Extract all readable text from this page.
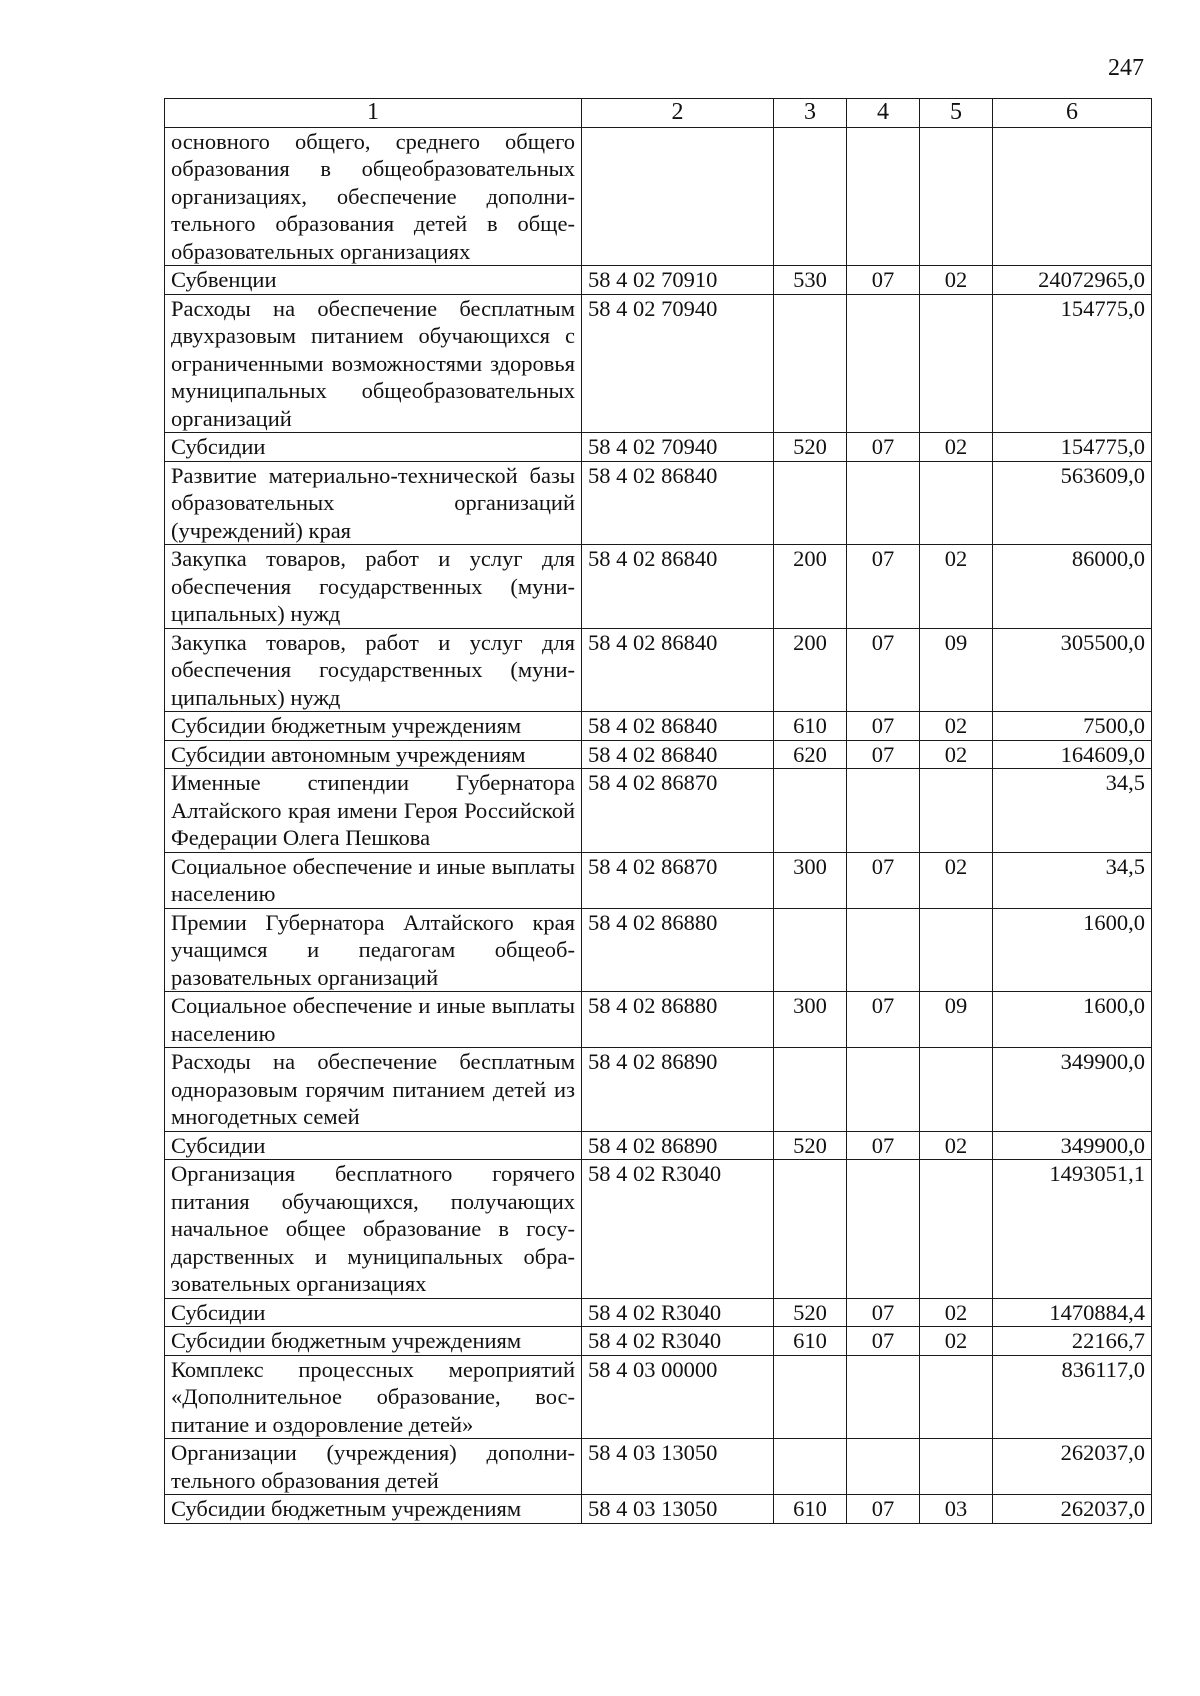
247
1	2	3	4	5	6
основного общего, среднего общего образования в общеобразовательных организациях, обеспечение дополнительного образования детей в общеобразовательных организациях					
Субвенции	58 4 02 70910	530	07	02	24072965,0
Расходы на обеспечение бесплатным двухразовым питанием обучающихся с ограниченными возможностями здоровья муниципальных общеобразовательных организаций	58 4 02 70940				154775,0
Субсидии	58 4 02 70940	520	07	02	154775,0
Развитие материально-технической базы образовательных организаций (учреждений) края	58 4 02 86840				563609,0
Закупка товаров, работ и услуг для обеспечения государственных (муниципальных) нужд	58 4 02 86840	200	07	02	86000,0
Закупка товаров, работ и услуг для обеспечения государственных (муниципальных) нужд	58 4 02 86840	200	07	09	305500,0
Субсидии бюджетным учреждениям	58 4 02 86840	610	07	02	7500,0
Субсидии автономным учреждениям	58 4 02 86840	620	07	02	164609,0
Именные стипендии Губернатора Алтайского края имени Героя Российской Федерации Олега Пешкова	58 4 02 86870				34,5
Социальное обеспечение и иные выплаты населению	58 4 02 86870	300	07	02	34,5
Премии Губернатора Алтайского края учащимся и педагогам общеобразовательных организаций	58 4 02 86880				1600,0
Социальное обеспечение и иные выплаты населению	58 4 02 86880	300	07	09	1600,0
Расходы на обеспечение бесплатным одноразовым горячим питанием детей из многодетных семей	58 4 02 86890				349900,0
Субсидии	58 4 02 86890	520	07	02	349900,0
Организация бесплатного горячего питания обучающихся, получающих начальное общее образование в государственных и муниципальных образовательных организациях	58 4 02 R3040				1493051,1
Субсидии	58 4 02 R3040	520	07	02	1470884,4
Субсидии бюджетным учреждениям	58 4 02 R3040	610	07	02	22166,7
Комплекс процессных мероприятий «Дополнительное образование, воспитание и оздоровление детей»	58 4 03 00000				836117,0
Организации (учреждения) дополнительного образования детей	58 4 03 13050				262037,0
Субсидии бюджетным учреждениям	58 4 03 13050	610	07	03	262037,0
